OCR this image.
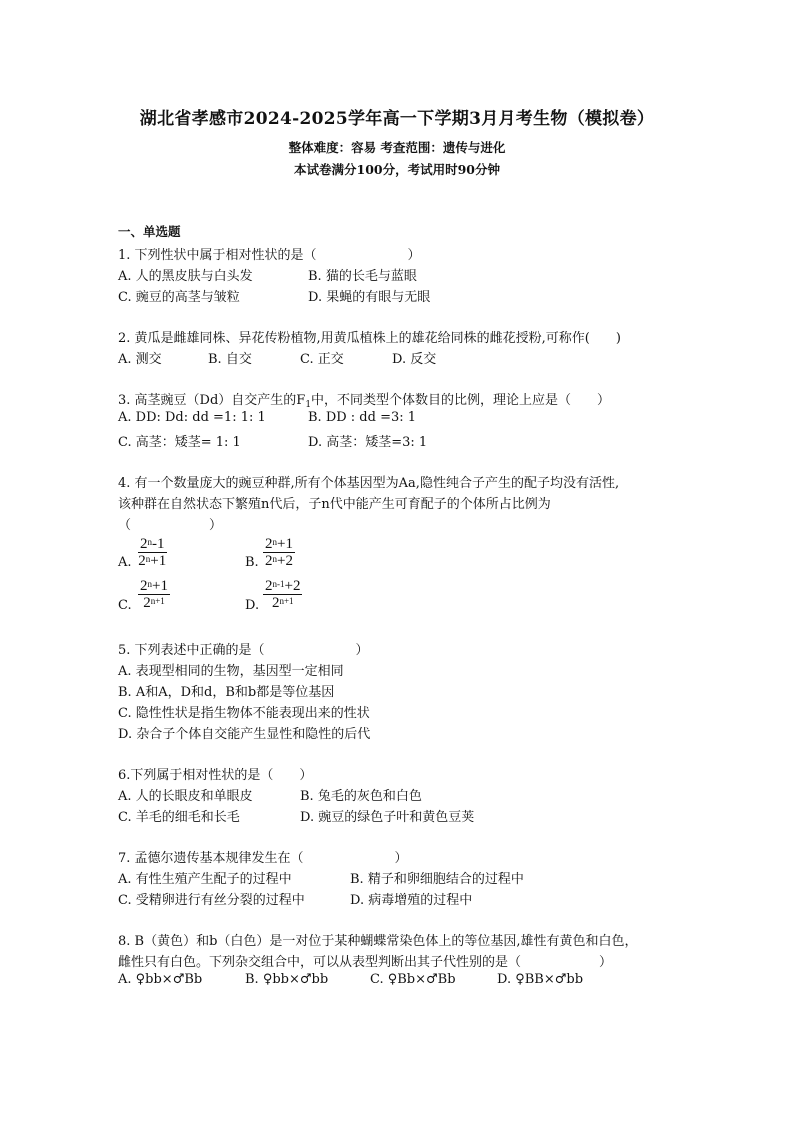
湖北省孝感市2024-2025学年高一下学期3月月考生物（模拟卷）
整体难度：容易 考查范围：遗传与进化
本试卷满分100分，考试用时90分钟
一、单选题
1. 下列性状中属于相对性状的是（　　　　　　　）
A. 人的黑皮肤与白头发	B. 猫的长毛与蓝眼
C. 豌豆的高茎与皱粒	D. 果蝇的有眼与无眼
2. 黄瓜是雌雄同株、异花传粉植物,用黄瓜植株上的雄花给同株的雌花授粉,可称作(　　)
A. 测交	B. 自交	C. 正交	D. 反交
3. 高茎豌豆（Dd）自交产生的$F_1$中，不同类型个体数目的比例，理论上应是（　　）
A. DD: Dd: dd =1: 1: 1	B. DD : dd =3: 1
C. 高茎：矮茎= 1: 1	D. 高茎：矮茎=3: 1
4. 有一个数量庞大的豌豆种群,所有个体基因型为Aa,隐性纯合子产生的配子均没有活性,
该种群在自然状态下繁殖n代后，子n代中能产生可育配子的个体所占比例为
（　　　　　　）
A. $\frac{2^n-1}{2^n+1}$	B. $\frac{2^n+1}{2^n+2}$
C. $\frac{2^n+1}{2^{n+1}}$	D. $\frac{2^{n-1}+2}{2^{n+1}}$
5. 下列表述中正确的是（　　　　　　　）
A. 表现型相同的生物，基因型一定相同
B. A和A，D和d，B和b都是等位基因
C. 隐性性状是指生物体不能表现出来的性状
D. 杂合子个体自交能产生显性和隐性的后代
6.下列属于相对性状的是（　　）
A. 人的长眼皮和单眼皮	B. 兔毛的灰色和白色
C. 羊毛的细毛和长毛	D. 豌豆的绿色子叶和黄色豆荚
7. 孟德尔遗传基本规律发生在（　　　　　　　）
A. 有性生殖产生配子的过程中	B. 精子和卵细胞结合的过程中
C. 受精卵进行有丝分裂的过程中	D. 病毒增殖的过程中
8. B（黄色）和b（白色）是一对位于某种蝴蝶常染色体上的等位基因,雄性有黄色和白色，
雌性只有白色。下列杂交组合中，可以从表型判断出其子代性别的是（　　　　　　）
A. ♀bb×♂Bb	B. ♀bb×♂bb	C. ♀Bb×♂Bb	D. ♀BB×♂bb
